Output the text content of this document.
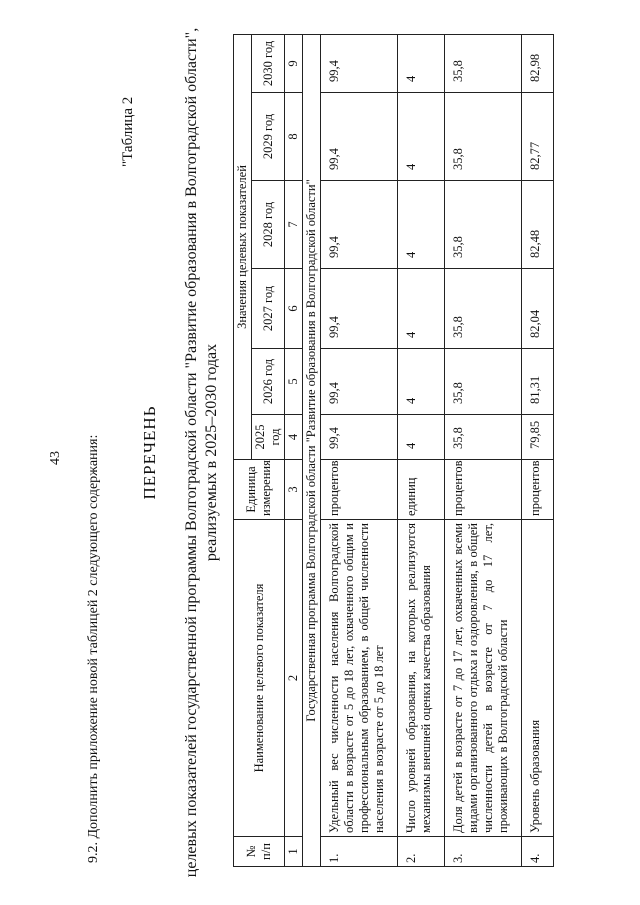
43 9.2. Дополнить приложение новой таблицей 2 следующего содержания:
"Таблица 2
ПЕРЕЧЕНЬ целевых показателей государственной программы Волгоградской области "Развитие образования в Волгоградской области", реализуемых в 2025–2030 годах
№ п/п	Наименование целевого показателя	Единица измерения	Значения целевых показателей					
			2025 год	2026 год	2027 год	2028 год	2029 год	2030 год
1	2	3	4	5	6	7	8	9
Государственная программа Волгоградской области "Развитие образования в Волгоградской области"								
1.	Удельный вес численности населения Волгоградской области в возрасте от 5 до 18 лет, охваченного общим и профессиональным образованием, в общей численности населения в возрасте от 5 до 18 лет	процентов	99,4	99,4	99,4	99,4	99,4	99,4
2.	Число уровней образования, на которых реализуются механизмы внешней оценки качества образования	единиц	4	4	4	4	4	4
3.	Доля детей в возрасте от 7 до 17 лет, охваченных всеми видами организованного отдыха и оздоровления, в общей численности детей в возрасте от 7 до 17 лет, проживающих в Волгоградской области	процентов	35,8	35,8	35,8	35,8	35,8	35,8
4.	Уровень образования	процентов	79,85	81,31	82,04	82,48	82,77	82,98
